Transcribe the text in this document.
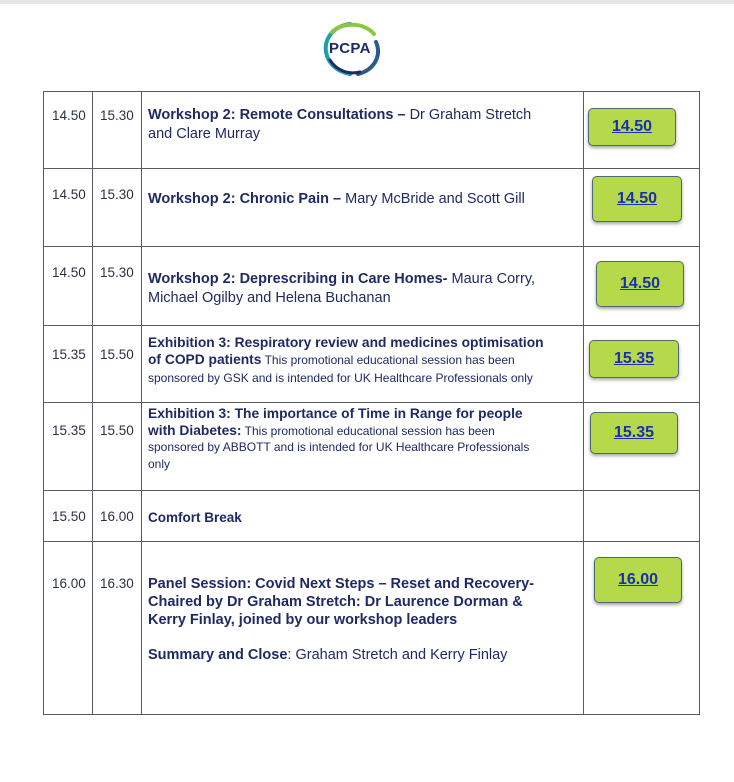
PCPA
14.50	15.30	Workshop 2: Remote Consultations – Dr Graham Stretch
and Clare Murray	14.50

14.50	15.30	Workshop 2: Chronic Pain – Mary McBride and Scott Gill	14.50

14.50	15.30	Workshop 2: Deprescribing in Care Homes- Maura Corry,
Michael Ogilby and Helena Buchanan	14.50

15.35	15.50	Exhibition 3: Respiratory review and medicines optimisation
of COPD patients This promotional educational session has been
sponsored by GSK and is intended for UK Healthcare Professionals only	15.35

15.35	15.50	Exhibition 3: The importance of Time in Range for people
with Diabetes: This promotional educational session has been
sponsored by ABBOTT and is intended for UK Healthcare Professionals
only	15.35

15.50	16.00	Comfort Break	

16.00	16.30	Panel Session: Covid Next Steps – Reset and Recovery-
Chaired by Dr Graham Stretch: Dr Laurence Dorman &
Kerry Finlay, joined by our workshop leaders
Summary and Close: Graham Stretch and Kerry Finlay	16.00
